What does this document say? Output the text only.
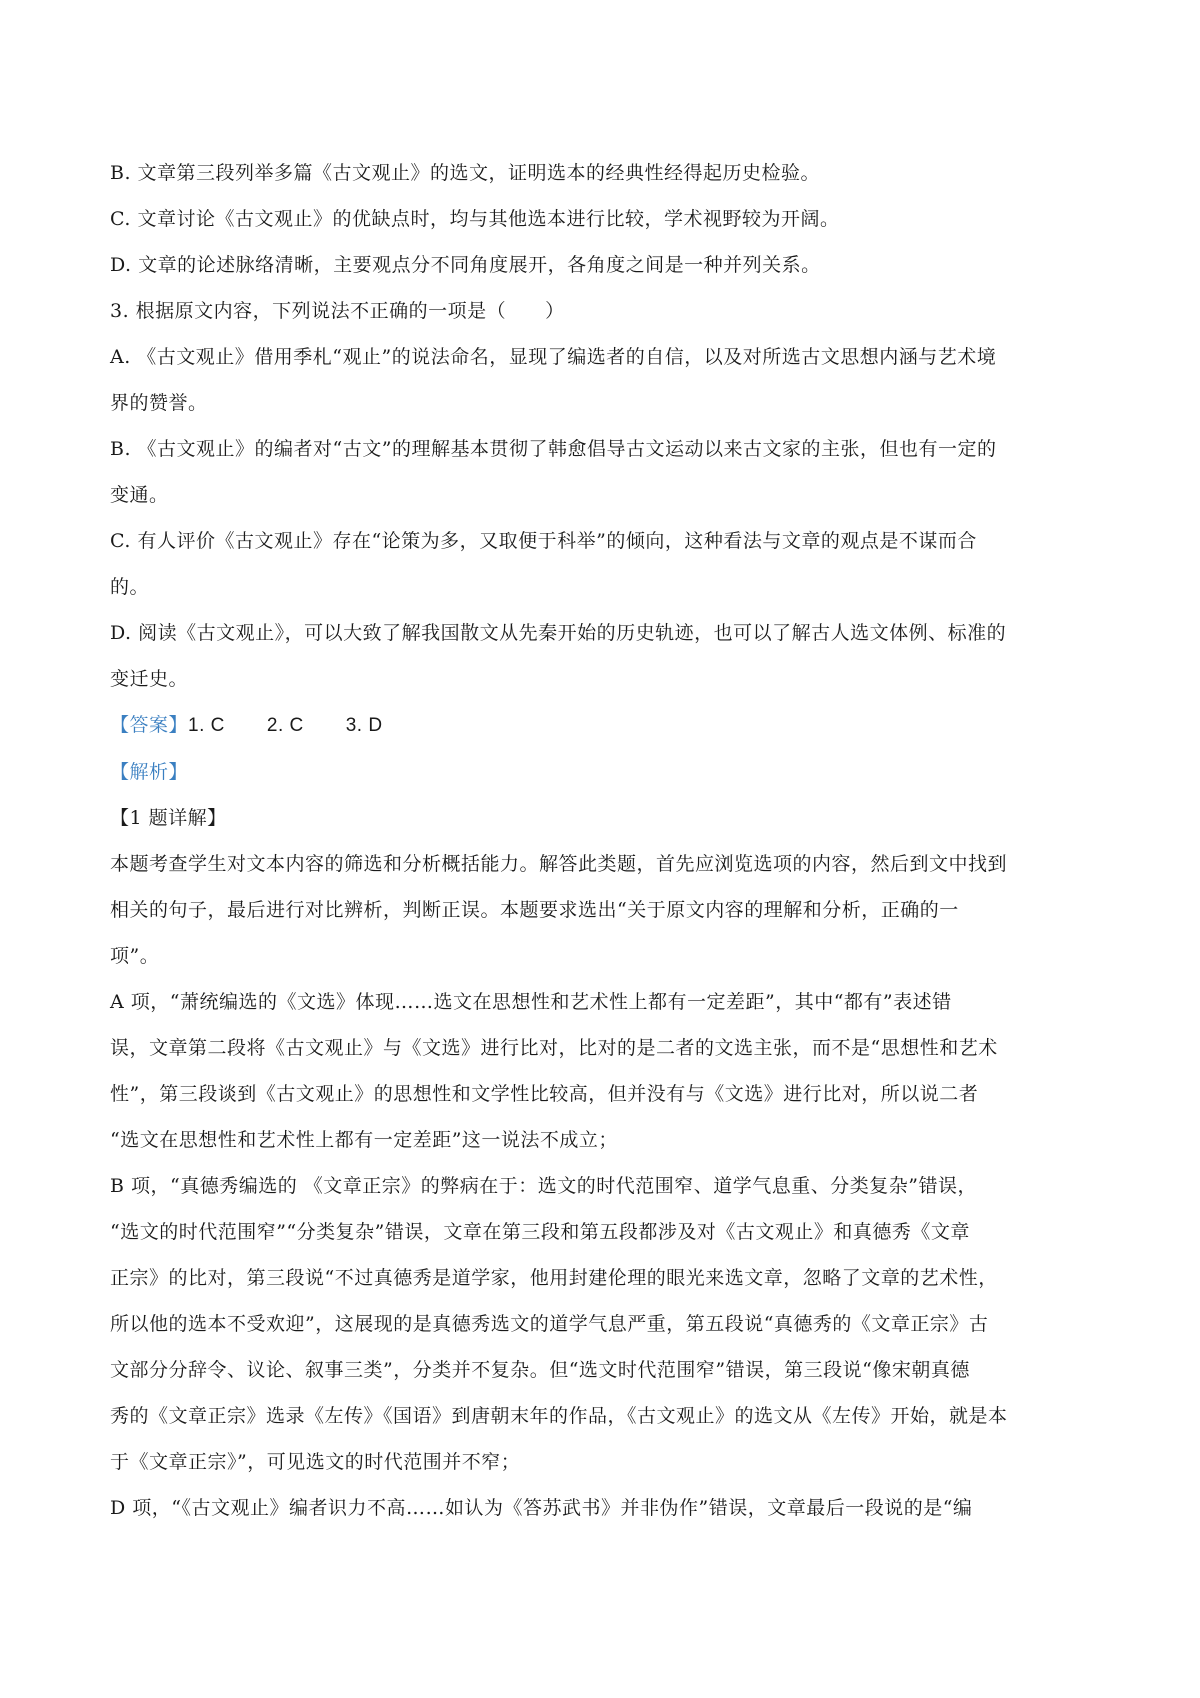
B. 文章第三段列举多篇《古文观止》的选文，证明选本的经典性经得起历史检验。
C. 文章讨论《古文观止》的优缺点时，均与其他选本进行比较，学术视野较为开阔。
D. 文章的论述脉络清晰，主要观点分不同角度展开，各角度之间是一种并列关系。
3. 根据原文内容，下列说法不正确的一项是（　　）
A. 《古文观止》借用季札“观止”的说法命名，显现了编选者的自信，以及对所选古文思想内涵与艺术境
界的赞誉。
B. 《古文观止》的编者对“古文”的理解基本贯彻了韩愈倡导古文运动以来古文家的主张，但也有一定的
变通。
C. 有人评价《古文观止》存在“论策为多，又取便于科举”的倾向，这种看法与文章的观点是不谋而合
的。
D. 阅读《古文观止》，可以大致了解我国散文从先秦开始的历史轨迹，也可以了解古人选文体例、标准的
变迁史。
【答案】1. C 2. C 3. D
【解析】
【1 题详解】
本题考查学生对文本内容的筛选和分析概括能力。解答此类题，首先应浏览选项的内容，然后到文中找到
相关的句子，最后进行对比辨析，判断正误。本题要求选出“关于原文内容的理解和分析，正确的一
项”。
A 项，“萧统编选的《文选》体现……选文在思想性和艺术性上都有一定差距”，其中“都有”表述错
误，文章第二段将《古文观止》与《文选》进行比对，比对的是二者的文选主张，而不是“思想性和艺术
性”，第三段谈到《古文观止》的思想性和文学性比较高，但并没有与《文选》进行比对，所以说二者
“选文在思想性和艺术性上都有一定差距”这一说法不成立；
B 项，“真德秀编选的 《文章正宗》的弊病在于：选文的时代范围窄、道学气息重、分类复杂”错误，
“选文的时代范围窄”“分类复杂”错误，文章在第三段和第五段都涉及对《古文观止》和真德秀《文章
正宗》的比对，第三段说“不过真德秀是道学家，他用封建伦理的眼光来选文章，忽略了文章的艺术性，
所以他的选本不受欢迎”，这展现的是真德秀选文的道学气息严重，第五段说“真德秀的《文章正宗》古
文部分分辞令、议论、叙事三类”，分类并不复杂。但“选文时代范围窄”错误，第三段说“像宋朝真德
秀的《文章正宗》选录《左传》《国语》到唐朝末年的作品，《古文观止》的选文从《左传》开始，就是本
于《文章正宗》”，可见选文的时代范围并不窄；
D 项，“《古文观止》编者识力不高……如认为《答苏武书》并非伪作”错误，文章最后一段说的是“编
